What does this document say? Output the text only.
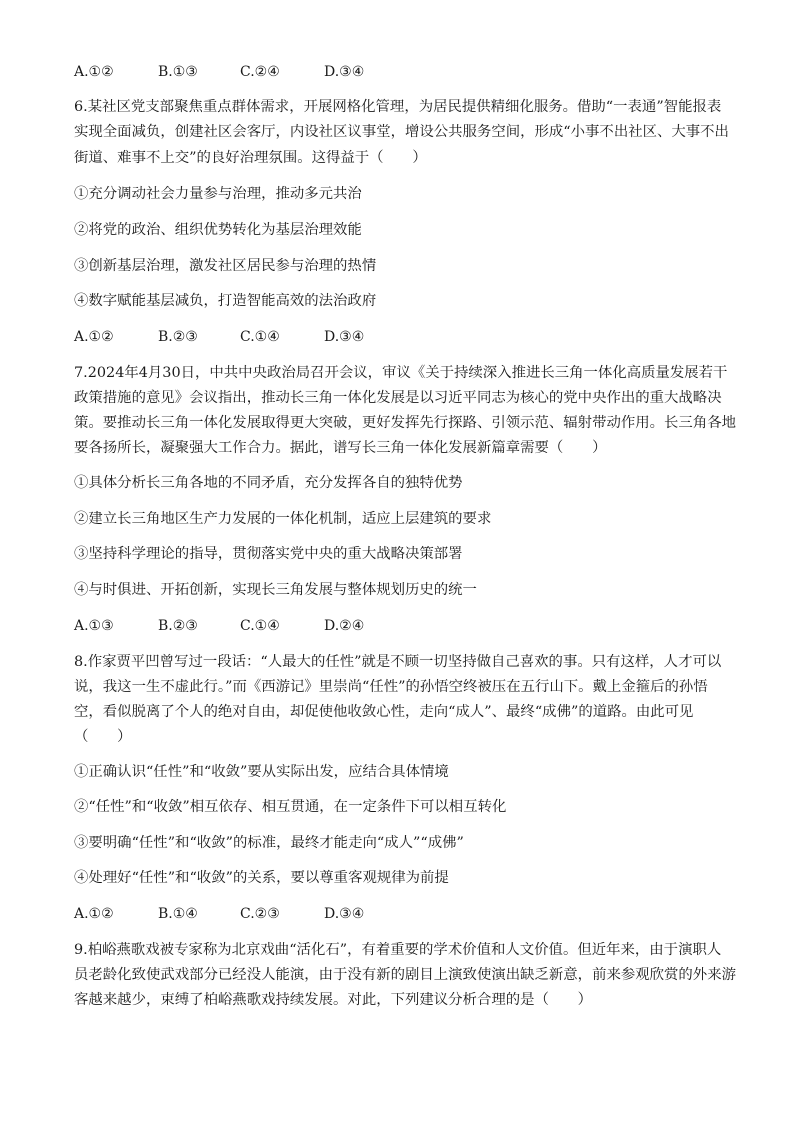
A.①②	B.①③	C.②④	D.③④
6.某社区党支部聚焦重点群体需求，开展网格化管理，为居民提供精细化服务。借助“一表通”智能报表
实现全面减负，创建社区会客厅，内设社区议事堂，增设公共服务空间，形成“小事不出社区、大事不出
街道、难事不上交”的良好治理氛围。这得益于（　　）
①充分调动社会力量参与治理，推动多元共治
②将党的政治、组织优势转化为基层治理效能
③创新基层治理，激发社区居民参与治理的热情
④数字赋能基层减负，打造智能高效的法治政府
A.①②	B.②③	C.①④	D.③④
7.2024年4月30日，中共中央政治局召开会议，审议《关于持续深入推进长三角一体化高质量发展若干
政策措施的意见》会议指出，推动长三角一体化发展是以习近平同志为核心的党中央作出的重大战略决
策。要推动长三角一体化发展取得更大突破，更好发挥先行探路、引领示范、辐射带动作用。长三角各地
要各扬所长，凝聚强大工作合力。据此，谱写长三角一体化发展新篇章需要（　　）
①具体分析长三角各地的不同矛盾，充分发挥各自的独特优势
②建立长三角地区生产力发展的一体化机制，适应上层建筑的要求
③坚持科学理论的指导，贯彻落实党中央的重大战略决策部署
④与时俱进、开拓创新，实现长三角发展与整体规划历史的统一
A.①③	B.②③	C.①④	D.②④
8.作家贾平凹曾写过一段话：“人最大的任性”就是不顾一切坚持做自己喜欢的事。只有这样，人才可以
说，我这一生不虚此行。”而《西游记》里崇尚“任性”的孙悟空终被压在五行山下。戴上金箍后的孙悟
空，看似脱离了个人的绝对自由，却促使他收敛心性，走向“成人”、最终“成佛”的道路。由此可见
（　　）
①正确认识“任性”和“收敛”要从实际出发，应结合具体情境
②“任性”和“收敛”相互依存、相互贯通，在一定条件下可以相互转化
③要明确“任性”和“收敛”的标准，最终才能走向“成人”“成佛”
④处理好“任性”和“收敛”的关系，要以尊重客观规律为前提
A.①②	B.①④	C.②③	D.③④
9.柏峪燕歌戏被专家称为北京戏曲“活化石”，有着重要的学术价值和人文价值。但近年来，由于演职人
员老龄化致使武戏部分已经没人能演，由于没有新的剧目上演致使演出缺乏新意，前来参观欣赏的外来游
客越来越少，束缚了柏峪燕歌戏持续发展。对此，下列建议分析合理的是（　　）
